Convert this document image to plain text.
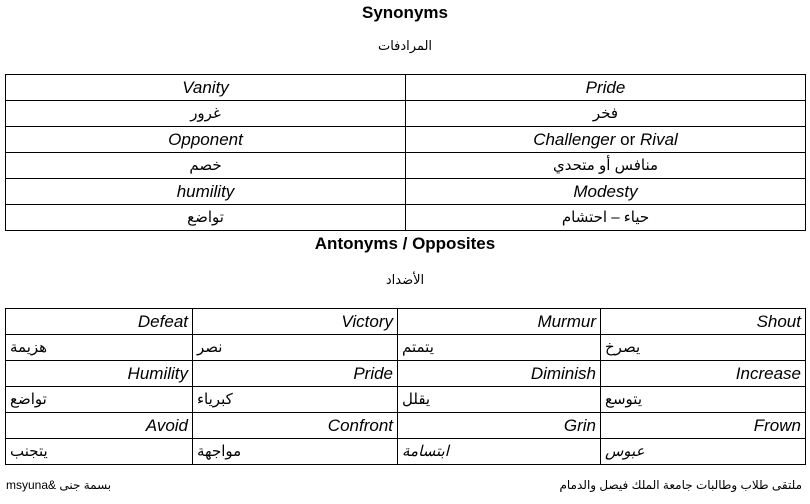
Synonyms
المرادفات
Vanity	Pride
غرور	فخر
Opponent	Challenger or Rival
خصم	منافس أو متحدي
humility	Modesty
تواضع	حياء – احتشام
Antonyms / Opposites
الأضداد
Defeat	Victory	Murmur	Shout
هزيمة	نصر	يتمتم	يصرخ
Humility	Pride	Diminish	Increase
تواضع	كبرياء	يقلل	يتوسع
Avoid	Confront	Grin	Frown
يتجنب	مواجهة	ابتسامة	عبوس
msyuna& بسمة جنى	ملتقى طلاب وطالبات جامعة الملك فيصل والدمام
